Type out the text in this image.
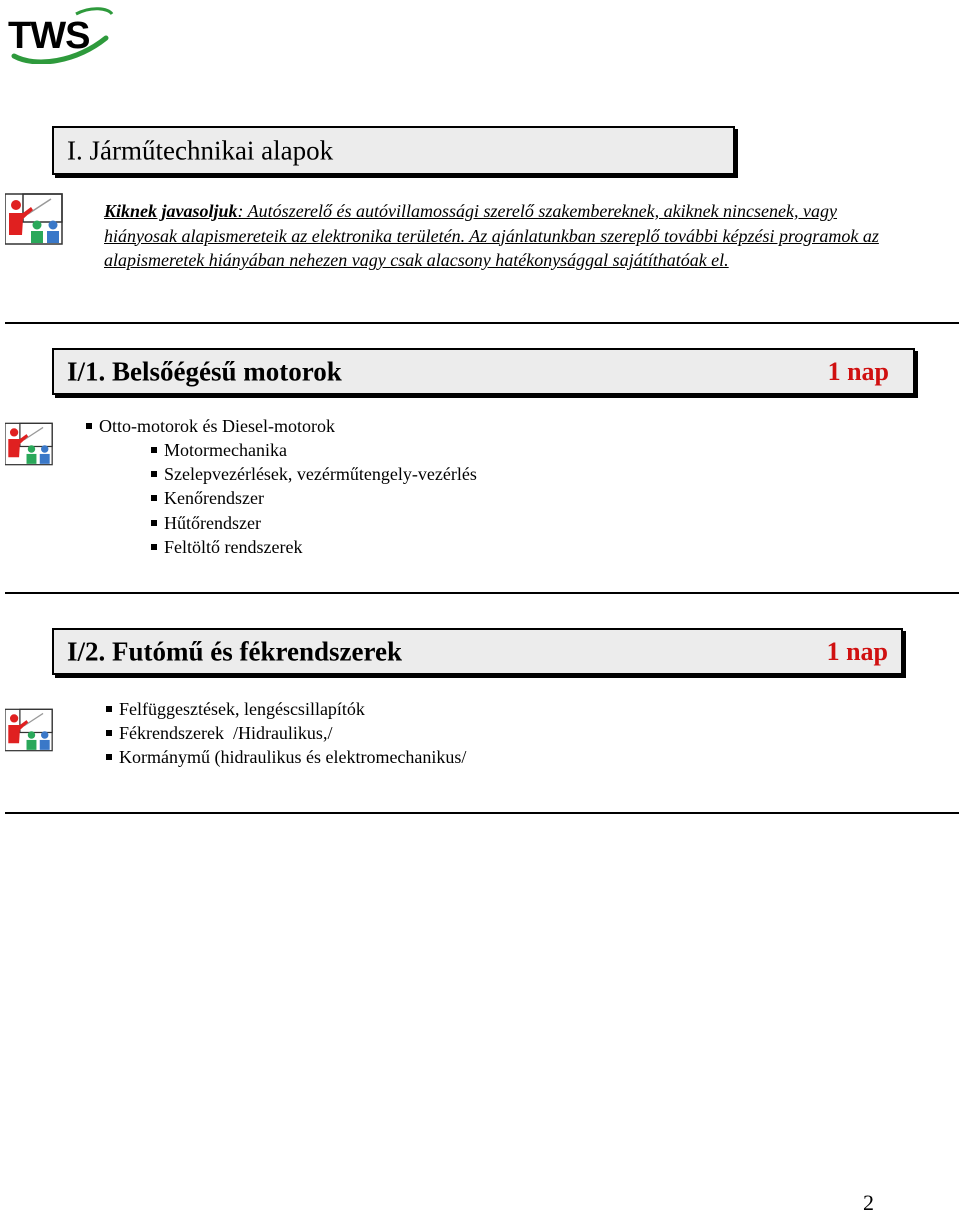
TWS
I. Járműtechnikai alapok
Kiknek javasoljuk: Autószerelő és autóvillamossági szerelő szakembereknek, akiknek nincsenek, vagy hiányosak alapismereteik az elektronika területén. Az ajánlatunkban szereplő további képzési programok az alapismeretek hiányában nehezen vagy csak alacsony hatékonysággal sajátíthatóak el.
I/1. Belsőégésű motorok	1 nap
Otto-motorok és Diesel-motorok
Motormechanika
Szelepvezérlések, vezérműtengely-vezérlés
Kenőrendszer
Hűtőrendszer
Feltöltő rendszerek
I/2. Futómű és fékrendszerek	1 nap
Felfüggesztések, lengéscsillapítók
Fékrendszerek  /Hidraulikus,/
Kormánymű (hidraulikus és elektromechanikus/
2
